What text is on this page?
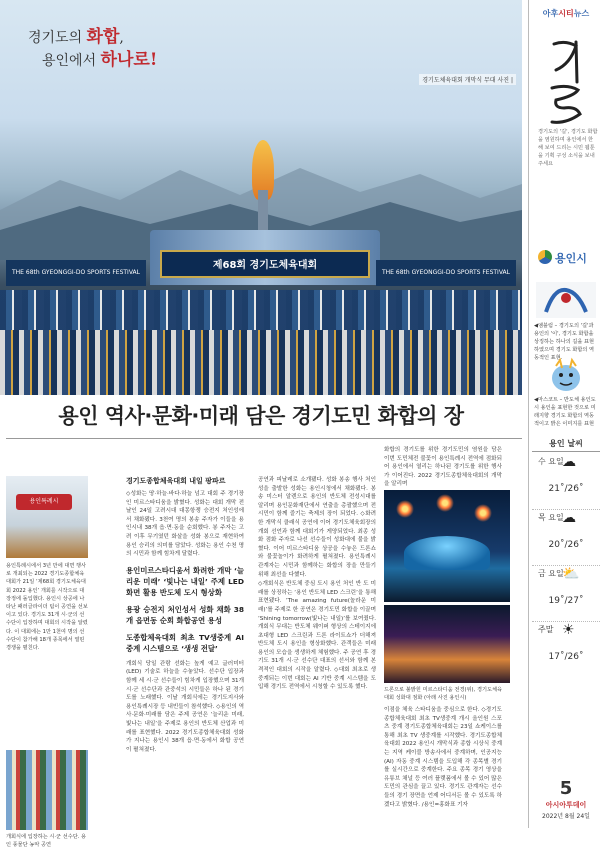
경기도의 화합,
용인에서 하나로!
경기도체육대회 개막식 무대 사진 |
THE 68th GYEONGGI-DO SPORTS FESTIVAL	THE 68th GYEONGGI-DO SPORTS FESTIVAL
제68회 경기도체육대회
아후시티뉴스
경기도의 '길', 경기도 화합을 염원하며 용인에서 한 해 보여 드리는 시민 웹툰을 기획 구성 소식을 보내주세요
용인시
◀엠블럼 – 경기도의 '길'과 용인의 '이', 경기도 화합을 상징하는 하나의 길을 표현하였으며 경기도 화합의 역동적인 표현.
◀마스코트 – 반도체 용인도시 용인을 표현한 것으로 미래지향 경기도 화합의 역동적이고 밝은 이미지를 표현
용인 날씨
수 요일
☁
21˚/26˚
목 요일
☁
20˚/26˚
금 요일
⛅
19˚/27˚
주말 ☀
17˚/26˚
5
아시아투데이
2022년 8월 24일
용인 역사·문화·미래 담은 경기도민 화합의 장
용인특례시
용인특례시에서 3년 만에 대면 행사로 개최되는 2022 경기도종합체육대회가 21일 ‘제68회 경기도체육대회 2022 용인’ 개회를 시작으로 대장정에 돌입했다. 용인시 상공에 나타난 패러글라이더 팀이 공연을 선보이고 있다. 경기도 31개 시·군의 선수단이 입장하며 대회의 시작을 알렸다. 이 대회에는 1만 1천여 명의 선수단이 참가해 18개 종목에서 열띤 경쟁을 펼친다.
개회식에 입장하는 시·군 선수단. 용인 풍물단 농악 공연
경기도종합체육대회 내일 팡파르

◇성화는 땅·하늘·바다·하늘 넘고 대회 주 경기장인 미르스타디움을 밝혔다. 성화는 대회 개막 전날인 24일 고려시대 대몽항쟁 승전지 처인성에서 채화됐다. 3천여 명의 봉송 주자가 이들을 용인시내 38개 읍·면·동을 순회했다. 봉 주자는 고려 이후 무기였던 화살을 성화 봉으로 재현하여 용인 승리의 의미를 담았다. 성화는 용인 수천 명의 시민과 함께 힘차게 달렸다.

용인미르스타디움서 화려한 개막 ‘늘리운 미래’ ‘빛나는 내일’ 주제 LED화면 활용 반도체 도시 형상화
용광 승전지 처인성서 성화 채화 38개 읍면동 순회 화합공연 용성
도종합체육대회 최초 TV생중계 AI 중계 시스템으로 ‘생생 전달’

개회식 당일 관람 선화는 높게 예고 글러미터(LED) 기술로 하늘을 수놓았다. 선수단 입장과 함께 세 시·군 선수들이 힘차게 입장했으며 31개 시·군 선수단과 관중석의 시민들은 하나 된 경기도를 노래했다. 이날 개회식에는 경기도지사와 용인특례시장 등 내빈들이 참석했다. ◇용인의 역사·문화·미래를 담은 주제 공연은 ‘늘리운 미래, 빛나는 내일’을 주제로 용인의 반도체 산업과 미래를 표현했다. 2022 경기도종합체육대회 성화가 지나는 용인시 38개 읍·면·동에서 화합 공연이 펼쳐졌다.

공연과 피날레로 소개됐다. 성화 봉송 행사 처인성을 출발한 성화는 용인시청에서 채화됐다. 봉송 미스터 알렌으로 용인의 반도체 전성시대를 알리며 용인문화재단에서 연출을 총괄했으며 전 시민이 함께 즐기는 축제의 장이 되었다. ◇화려한 개막식 클래식 공연에 이어 경기도체육회장의 개회 선언과 함께 대회기가 게양되었다. 최종 성화 점화 주자로 나선 선수들이 성화대에 불을 밝혔다. 이어 미르스타디움 상공을 수놓은 드론쇼와 불꽃놀이가 화려하게 펼쳐졌다. 용인특례시 관계자는 시민과 함께하는 화합의 장을 만들기 위해 최선을 다했다.

◇개회식은 반도체 중심 도시 용인 처인 반 도 미래를 상징하는 ‘용인 반도체 LED 스크린’을 통해 표현됐다. ‘The amazing future(놀라운 미래)’를 주제로 한 공연은 경기도민 화합을 이끌며 ‘Shining tomorrow(빛나는 내일)’를 보여줬다. 개회식 무대는 반도체 웨이퍼 형상의 스테이지에 초대형 LED 스크린과 드론 라이트쇼가 더해져 반도체 도시 용인을 형상화했다. 관객들은 미래 용인의 모습을 생생하게 체험했다. 주 공연 후 경기도 31개 시·군 선수단 대표의 선서와 함께 본격적인 대회의 시작을 알렸다. ◇대회 최초로 생중계되는 이번 대회는 AI 기반 중계 시스템을 도입해 경기도 전역에서 시청할 수 있도록 했다.

화합의 경기도를 위한 경기도민의 염원을 담은 이번 도민체전 불꽃이 용인특례시 전역에 점화되어 용인에서 열리는 하나된 경기도를 위한 행사가 이어진다. 2022 경기도종합체육대회의 개막을 알리며

드론으로 불밝힌 미르스타디움 전경(위), 경기도체육대회 성화대 점화 (아래 사진 용인시)

이점을 체육 스타디움을 중심으로 한다. ◇경기도종합체육대회 최초 TV생중계 개시 올인원 스포츠 중계 경기도종합체육대회는 23일 쇼케이스를 통해 최초 TV 생중계를 시작했다. 경기도종합체육대회 2022 용인시 개막식과 종합 시상식 중계는 지역 케이블 방송사에서 중계하며, 인공지능(AI) 자동 중계 시스템을 도입해 각 종목별 경기를 실시간으로 중계한다. 주요 종목 경기 영상을 유튜브 채널 등 여러 플랫폼에서 볼 수 있어 많은 도민의 관심을 끌고 있다. 경기도 관계자는 선수들의 경기 장면을 언제 어디서든 볼 수 있도록 하겠다고 밝혔다. /용인=홍화표 기자
